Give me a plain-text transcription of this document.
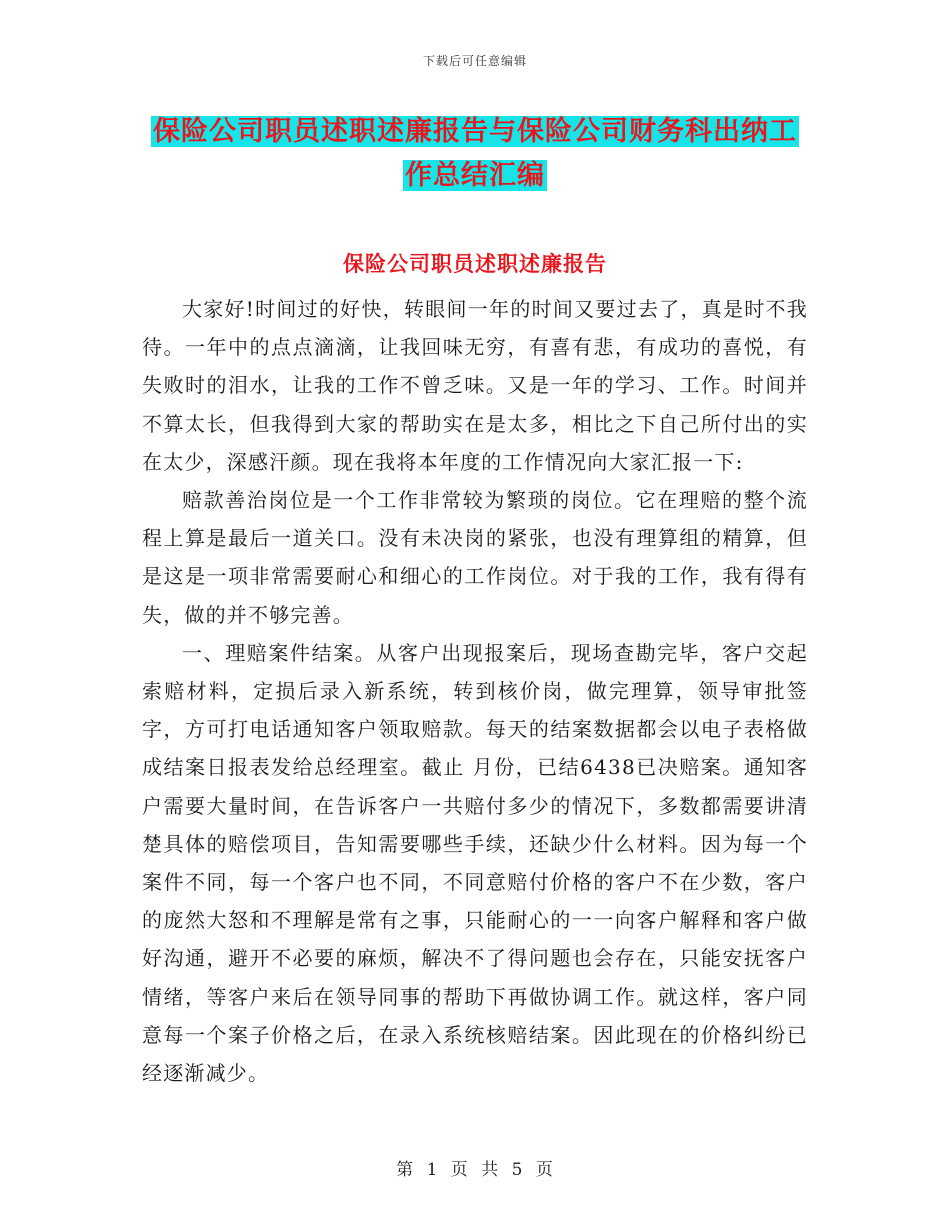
下载后可任意编辑
保险公司职员述职述廉报告与保险公司财务科出纳工
作总结汇编
保险公司职员述职述廉报告

大家好!时间过的好快，转眼间一年的时间又要过去了，真是时不我待。一年中的点点滴滴，让我回味无穷，有喜有悲，有成功的喜悦，有失败时的泪水，让我的工作不曾乏味。又是一年的学习、工作。时间并不算太长，但我得到大家的帮助实在是太多，相比之下自己所付出的实在太少，深感汗颜。现在我将本年度的工作情况向大家汇报一下:

赔款善治岗位是一个工作非常较为繁琐的岗位。它在理赔的整个流程上算是最后一道关口。没有未决岗的紧张，也没有理算组的精算，但是这是一项非常需要耐心和细心的工作岗位。对于我的工作，我有得有失，做的并不够完善。

一、理赔案件结案。从客户出现报案后，现场查勘完毕，客户交起索赔材料，定损后录入新系统，转到核价岗，做完理算，领导审批签字，方可打电话通知客户领取赔款。每天的结案数据都会以电子表格做成结案日报表发给总经理室。截止 月份，已结6438已决赔案。通知客户需要大量时间，在告诉客户一共赔付多少的情况下，多数都需要讲清楚具体的赔偿项目，告知需要哪些手续，还缺少什么材料。因为每一个案件不同，每一个客户也不同，不同意赔付价格的客户不在少数，客户的庞然大怒和不理解是常有之事，只能耐心的一一向客户解释和客户做好沟通，避开不必要的麻烦，解决不了得问题也会存在，只能安抚客户情绪，等客户来后在领导同事的帮助下再做协调工作。就这样，客户同意每一个案子价格之后，在录入系统核赔结案。因此现在的价格纠纷已经逐渐减少。

第 1 页 共 5 页
